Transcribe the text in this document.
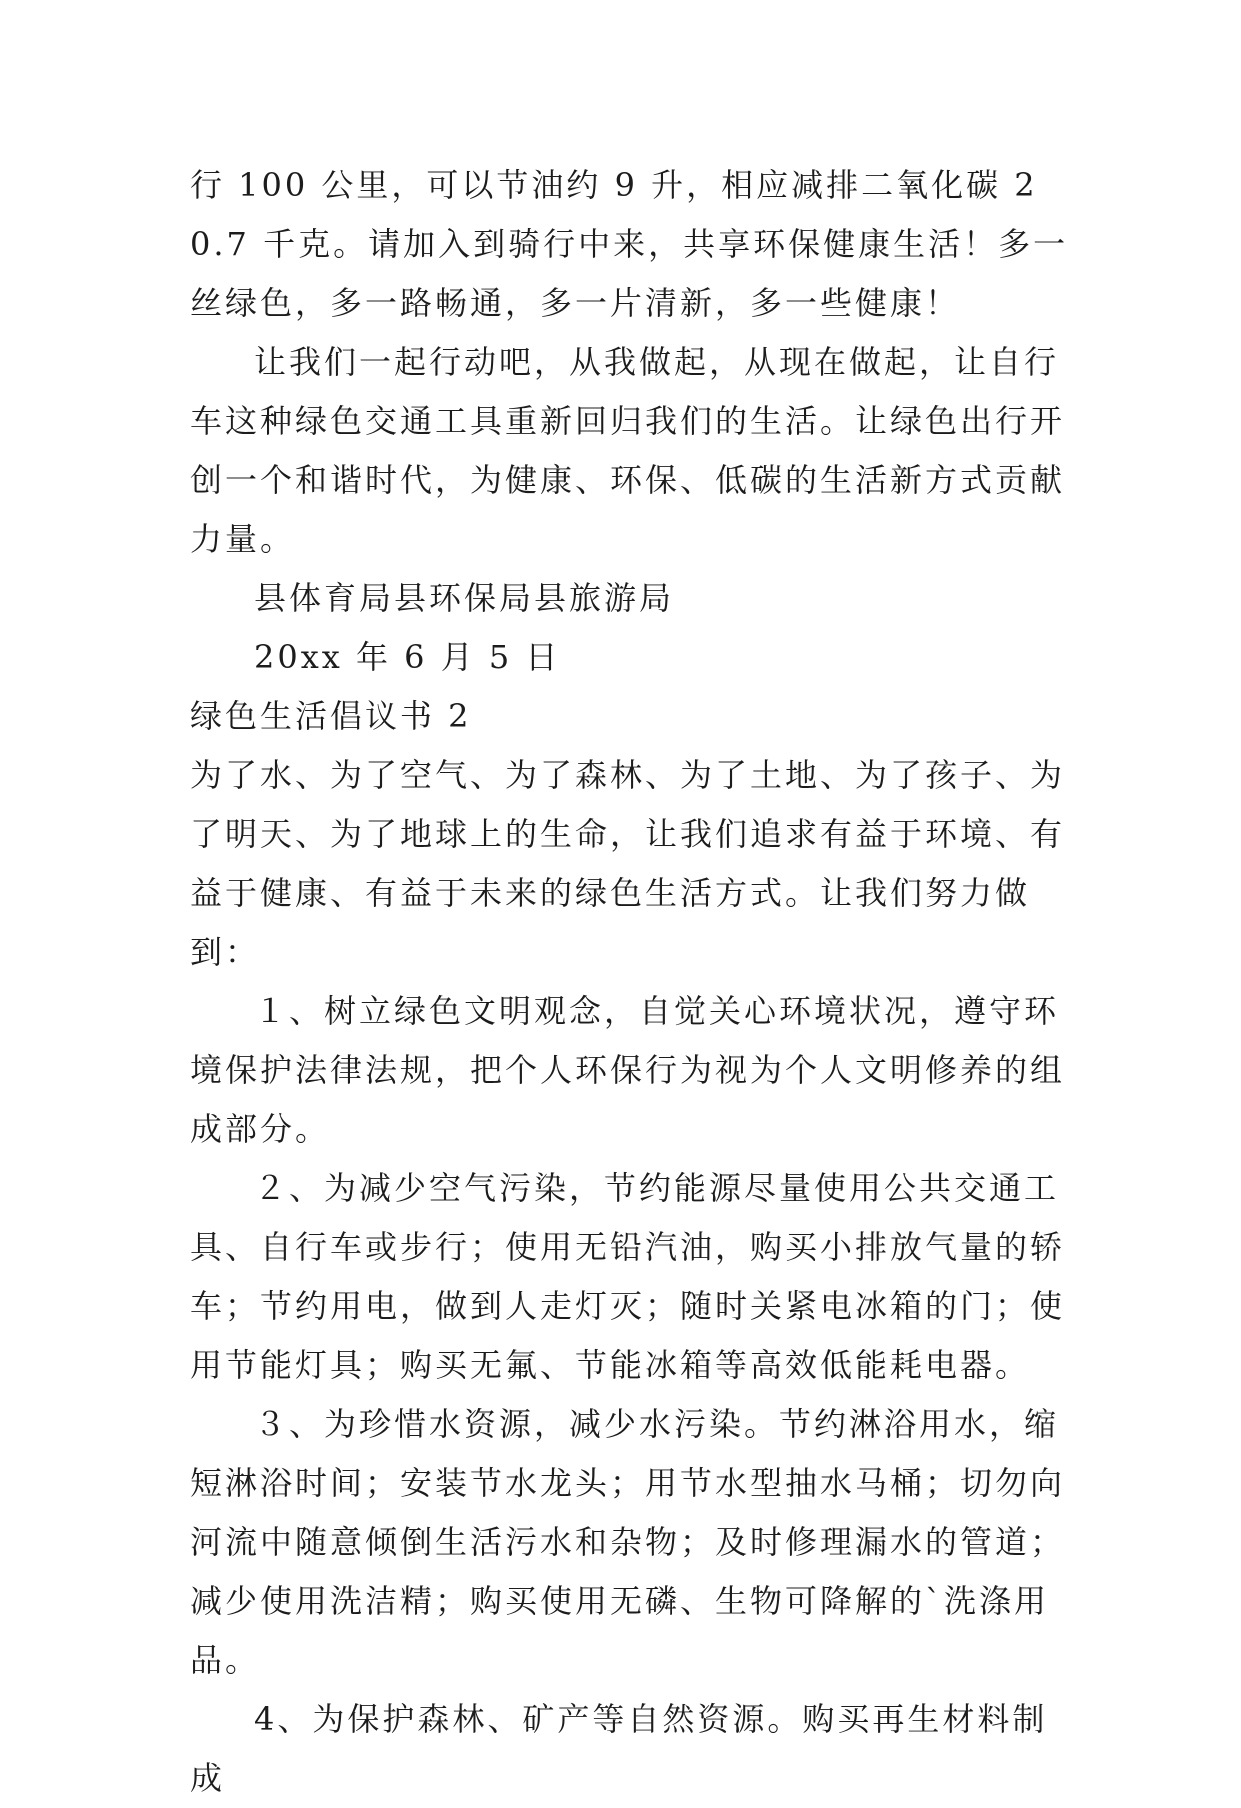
行 100 公里，可以节油约 9 升，相应减排二氧化碳 20.7 千克。请加入到骑行中来，共享环保健康生活！多一丝绿色，多一路畅通，多一片清新，多一些健康！

让我们一起行动吧，从我做起，从现在做起，让自行车这种绿色交通工具重新回归我们的生活。让绿色出行开创一个和谐时代，为健康、环保、低碳的生活新方式贡献力量。

县体育局县环保局县旅游局

20xx 年 6 月 5 日

绿色生活倡议书 2

为了水、为了空气、为了森林、为了土地、为了孩子、为了明天、为了地球上的生命，让我们追求有益于环境、有益于健康、有益于未来的绿色生活方式。让我们努力做到：

１、树立绿色文明观念，自觉关心环境状况，遵守环境保护法律法规，把个人环保行为视为个人文明修养的组成部分。

２、为减少空气污染，节约能源尽量使用公共交通工具、自行车或步行；使用无铅汽油，购买小排放气量的轿车；节约用电，做到人走灯灭；随时关紧电冰箱的门；使用节能灯具；购买无氟、节能冰箱等高效低能耗电器。

３、为珍惜水资源，减少水污染。节约淋浴用水，缩短淋浴时间；安装节水龙头；用节水型抽水马桶；切勿向河流中随意倾倒生活污水和杂物；及时修理漏水的管道；减少使用洗洁精；购买使用无磷、生物可降解的`洗涤用品。

4、为保护森林、矿产等自然资源。购买再生材料制成
